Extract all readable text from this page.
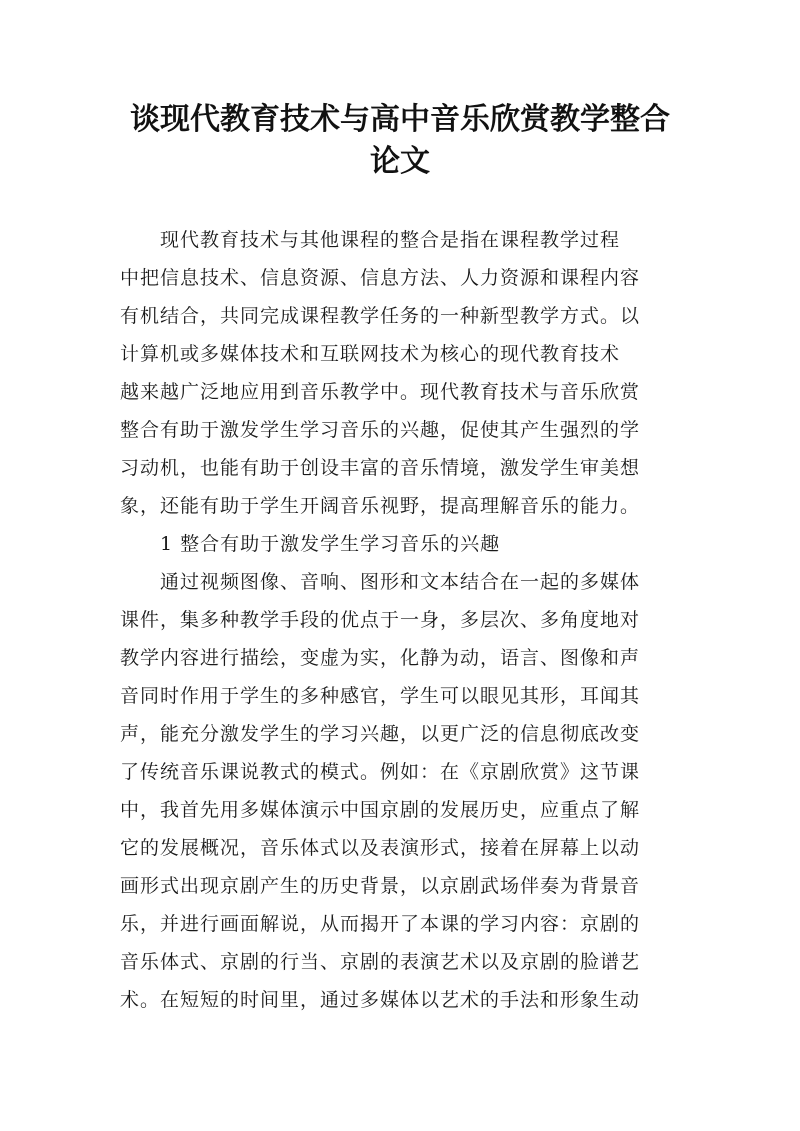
谈现代教育技术与高中音乐欣赏教学整合
论文
现代教育技术与其他课程的整合是指在课程教学过程
中把信息技术、信息资源、信息方法、人力资源和课程内容
有机结合，共同完成课程教学任务的一种新型教学方式。以
计算机或多媒体技术和互联网技术为核心的现代教育技术
越来越广泛地应用到音乐教学中。现代教育技术与音乐欣赏
整合有助于激发学生学习音乐的兴趣，促使其产生强烈的学
习动机，也能有助于创设丰富的音乐情境，激发学生审美想
象，还能有助于学生开阔音乐视野，提高理解音乐的能力。
1 整合有助于激发学生学习音乐的兴趣
通过视频图像、音响、图形和文本结合在一起的多媒体
课件，集多种教学手段的优点于一身，多层次、多角度地对
教学内容进行描绘，变虚为实，化静为动，语言、图像和声
音同时作用于学生的多种感官，学生可以眼见其形，耳闻其
声，能充分激发学生的学习兴趣，以更广泛的信息彻底改变
了传统音乐课说教式的模式。例如：在《京剧欣赏》这节课
中，我首先用多媒体演示中国京剧的发展历史，应重点了解
它的发展概况，音乐体式以及表演形式，接着在屏幕上以动
画形式出现京剧产生的历史背景，以京剧武场伴奏为背景音
乐，并进行画面解说，从而揭开了本课的学习内容：京剧的
音乐体式、京剧的行当、京剧的表演艺术以及京剧的脸谱艺
术。在短短的时间里，通过多媒体以艺术的手法和形象生动
